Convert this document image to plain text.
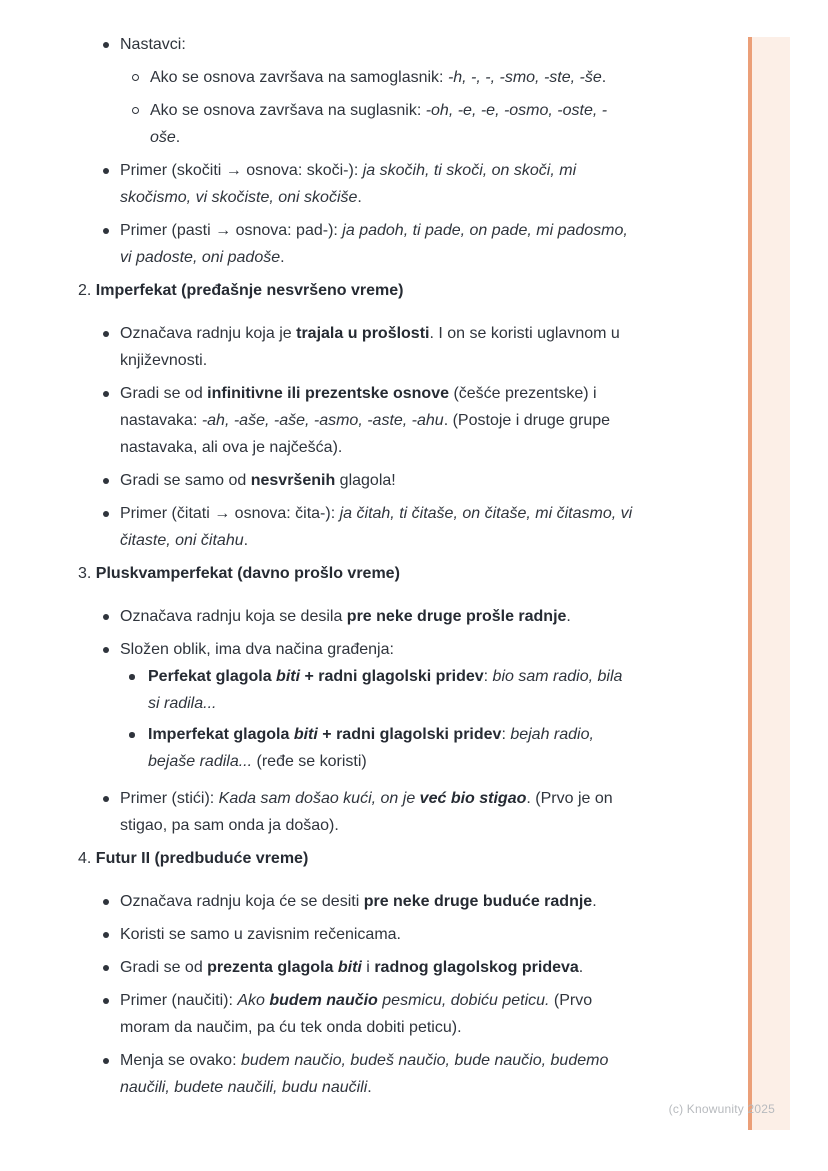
Nastavci:
Ako se osnova završava na samoglasnik: -h, -, -, -smo, -ste, -še.
Ako se osnova završava na suglasnik: -oh, -e, -e, -osmo, -oste, -oše.
Primer (skočiti → osnova: skoči-): ja skočih, ti skoči, on skoči, mi skočismo, vi skočiste, oni skočiše.
Primer (pasti → osnova: pad-): ja padoh, ti pade, on pade, mi padosmo, vi padoste, oni padoše.
2. Imperfekat (pređašnje nesvršeno vreme)
Označava radnju koja je trajala u prošlosti. I on se koristi uglavnom u književnosti.
Gradi se od infinitivne ili prezentske osnove (češće prezentske) i nastavaka: -ah, -aše, -aše, -asmo, -aste, -ahu. (Postoje i druge grupe nastavaka, ali ova je najčešća).
Gradi se samo od nesvršenih glagola!
Primer (čitati → osnova: čita-): ja čitah, ti čitaše, on čitaše, mi čitasmo, vi čitaste, oni čitahu.
3. Pluskvamperfekat (davno prošlo vreme)
Označava radnju koja se desila pre neke druge prošle radnje.
Složen oblik, ima dva načina građenja:
Perfekat glagola biti + radni glagolski pridev: bio sam radio, bila si radila...
Imperfekat glagola biti + radni glagolski pridev: bejah radio, bejaše radila... (ređe se koristi)
Primer (stići): Kada sam došao kući, on je već bio stigao. (Prvo je on stigao, pa sam onda ja došao).
4. Futur II (predbuduće vreme)
Označava radnju koja će se desiti pre neke druge buduće radnje.
Koristi se samo u zavisnim rečenicama.
Gradi se od prezenta glagola biti i radnog glagolskog prideva.
Primer (naučiti): Ako budem naučio pesmicu, dobiću peticu. (Prvo moram da naučim, pa ću tek onda dobiti peticu).
Menja se ovako: budem naučio, budeš naučio, bude naučio, budemo naučili, budete naučili, budu naučili.
(c) Knowunity 2025
